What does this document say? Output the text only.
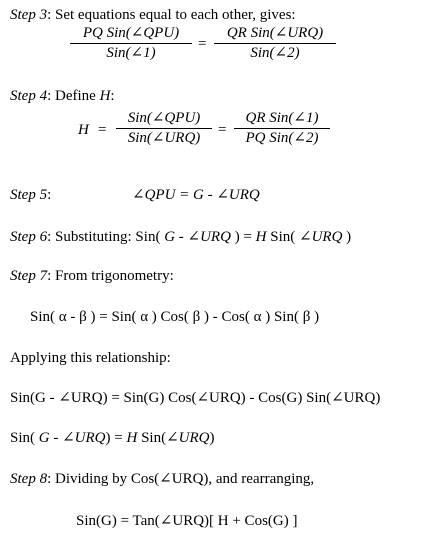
Step 3: Set equations equal to each other, gives:
PQ Sin(∠QPU)
Sin(∠1)
=
QR Sin(∠URQ)
Sin(∠2)
Step 4: Define H:
H =
Sin(∠QPU)
Sin(∠URQ)	=
QR Sin(∠1)
PQ Sin(∠2)
Step 5:	∠QPU = G - ∠URQ
Step 6: Substituting: Sin( G - ∠URQ ) = H Sin( ∠URQ )
Step 7: From trigonometry:
Sin( α - β ) = Sin( α ) Cos( β ) - Cos( α ) Sin( β )
Applying this relationship:
Sin(G - ∠URQ) = Sin(G) Cos(∠URQ) - Cos(G) Sin(∠URQ)
Sin( G - ∠URQ) = H Sin(∠URQ)
Step 8: Dividing by Cos(∠URQ), and rearranging,
Sin(G) = Tan(∠URQ)[ H + Cos(G) ]
